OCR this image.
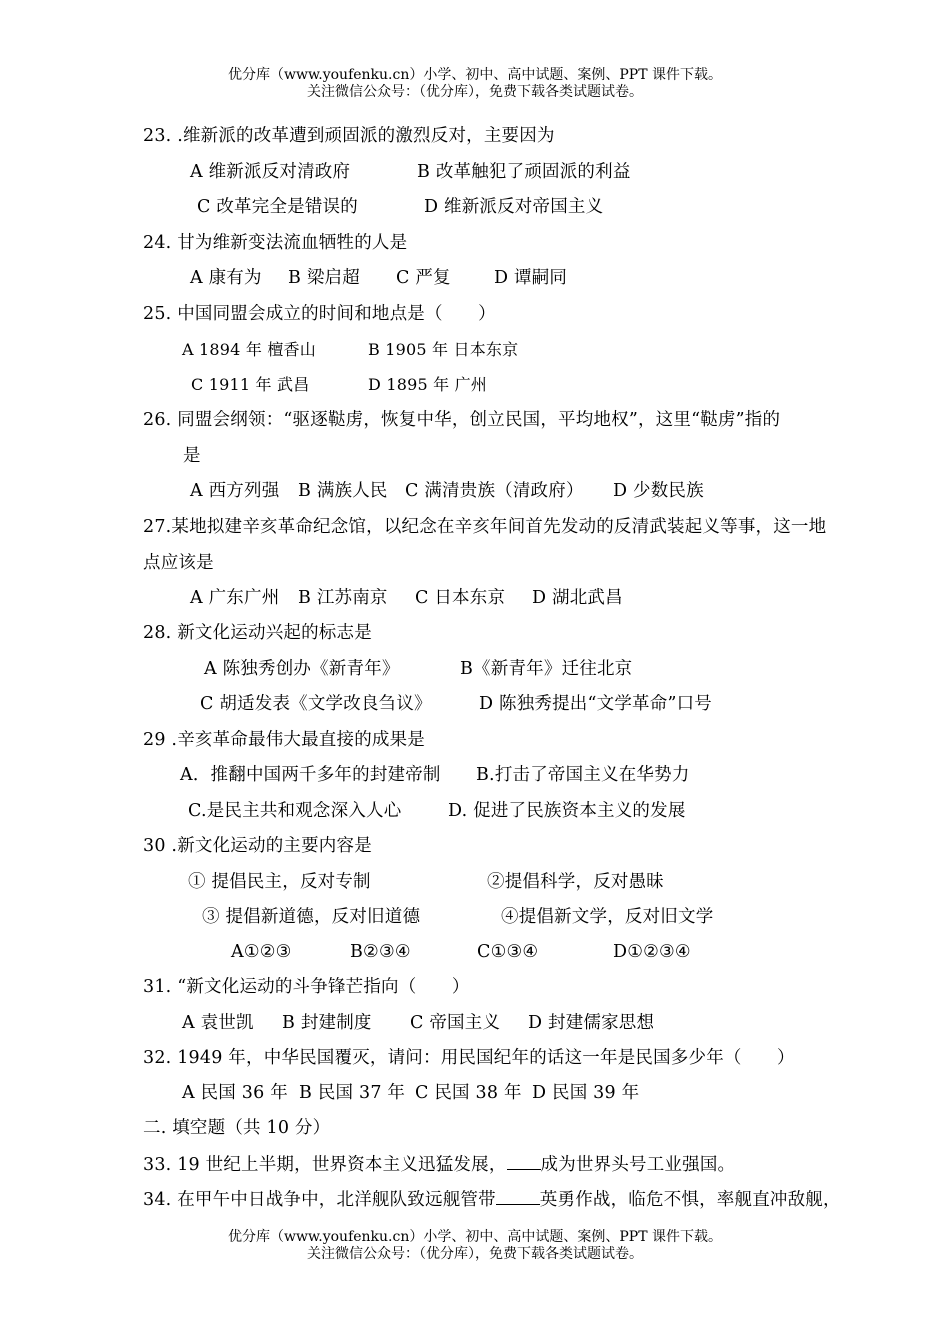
优分库（www.youfenku.cn）小学、初中、高中试题、案例、PPT 课件下载。
关注微信公众号：（优分库），免费下载各类试题试卷。
23. .维新派的改革遭到顽固派的激烈反对，主要因为
A 维新派反对清政府	B 改革触犯了顽固派的利益
C 改革完全是错误的	D 维新派反对帝国主义
24. 甘为维新变法流血牺牲的人是
A 康有为 B 梁启超 C 严复 D 谭嗣同
25. 中国同盟会成立的时间和地点是（　　）
A 1894 年 檀香山	B 1905 年 日本东京
C 1911 年 武昌	D 1895 年 广州
26. 同盟会纲领：“驱逐鞑虏，恢复中华，创立民国，平均地权”，这里“鞑虏”指的
是
A 西方列强 B 满族人民 C 满清贵族（清政府） D 少数民族
27.某地拟建辛亥革命纪念馆，以纪念在辛亥年间首先发动的反清武装起义等事，这一地
点应该是
A 广东广州 B 江苏南京 C 日本东京 D 湖北武昌
28. 新文化运动兴起的标志是
A 陈独秀创办《新青年》	B《新青年》迁往北京
C 胡适发表《文学改良刍议》	D 陈独秀提出“文学革命”口号
29 .辛亥革命最伟大最直接的成果是
A．推翻中国两千多年的封建帝制 B.打击了帝国主义在华势力
C.是民主共和观念深入人心	D. 促进了民族资本主义的发展
30 .新文化运动的主要内容是
① 提倡民主，反对专制	②提倡科学，反对愚昧
③ 提倡新道德，反对旧道德	④提倡新文学，反对旧文学
A①②③	B②③④	C①③④	D①②③④
31. “新文化运动的斗争锋芒指向（　　）
A 袁世凯 B 封建制度 C 帝国主义 D 封建儒家思想
32. 1949 年，中华民国覆灭，请问：用民国纪年的话这一年是民国多少年（　　）
A 民国 36 年 B 民国 37 年 C 民国 38 年 D 民国 39 年
二. 填空题（共 10 分）
33. 19 世纪上半期，世界资本主义迅猛发展， 成为世界头号工业强国。
34. 在甲午中日战争中，北洋舰队致远舰管带	英勇作战，临危不惧，率舰直冲敌舰，
优分库（www.youfenku.cn）小学、初中、高中试题、案例、PPT 课件下载。
关注微信公众号：（优分库），免费下载各类试题试卷。
